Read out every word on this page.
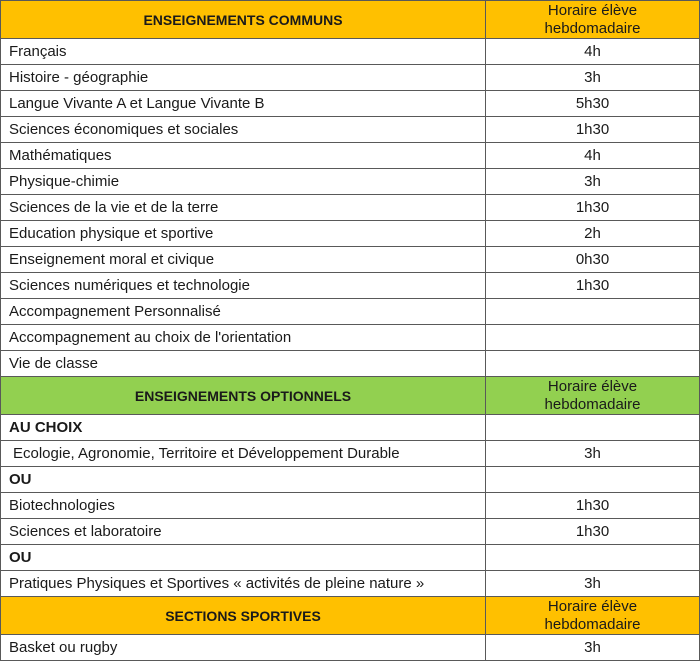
ENSEIGNEMENTS COMMUNS	Horaire élève
hebdomadaire

Français	4h
Histoire - géographie	3h
Langue Vivante A et Langue Vivante B	5h30
Sciences économiques et sociales	1h30
Mathématiques	4h
Physique-chimie	3h
Sciences de la vie et de la terre	1h30
Education physique et sportive	2h
Enseignement moral et civique	0h30
Sciences numériques et technologie	1h30
Accompagnement Personnalisé	
Accompagnement au choix de l'orientation	
Vie de classe	
ENSEIGNEMENTS OPTIONNELS	Horaire élève
hebdomadaire

AU CHOIX	
Ecologie, Agronomie, Territoire et Développement Durable	3h
OU	
Biotechnologies	1h30
Sciences et laboratoire	1h30
OU	
Pratiques Physiques et Sportives « activités de pleine nature »	3h
SECTIONS SPORTIVES	Horaire élève
hebdomadaire

Basket ou rugby	3h
